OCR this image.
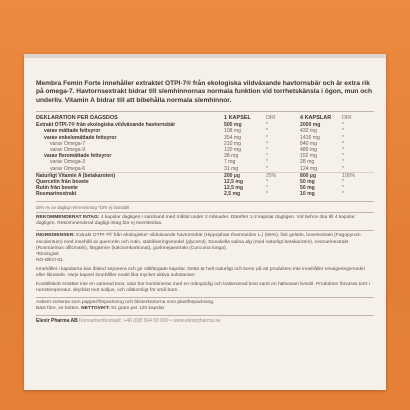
Membra Femin Forte innehåller extraktet OTPI-7® från ekologiska vildväxande havtornsbär och är extra rik på omega-7. Havtornsextrakt bidrar till slemhinnornas normala funktion vid torrhetskänsla i ögon, mun och underliv. Vitamin A bidrar till att bibehålla normala slemhinnor.

DEKLARATION PER DAGSDOS	1 KAPSEL	DRI	4 KAPSLAR	DRI
Extrakt OTPI-7® från ekologiska vildväxande havtornsbär	500 mg	*	2000 mg	*
varav mättade fettsyror	108 mg	*	432 mg	*
varav enkelomättade fettsyror	354 mg	*	1416 mg	*
varav Omega-7	210 mg	*	840 mg	*
varav Omega-9	120 mg	*	480 mg	*
varav fleromättade fettsyror	38 mg	*	152 mg	*
varav Omega-3	7 mg	*	28 mg	*
varav Omega-6	31 mg	*	124 mg	*
Naturligt Vitamin A (betakaroten)	200 µg	25%	800 µg	100%
Quercetin från bovete	12,5 mg	*	50 mg	*
Rutin från bovete	12,5 mg	*	50 mg	*
Rosmarinextrakt	2,5 mg	*	10 mg	*

DRI=% av dagligt referensintag *DRI ej fastställt

REKOMMENDERAT INTAG: 4 kapslar dagligen i samband med måltid under 2 månader. Därefter 1-2 kapslar dagligen. Vid behov ökа till 4 kapslar dagligen. Rekommenderat dagligt intag bör ej överskridas.

INGREDIENSER: Extrakt OTPI-7® från ekologiska* vildväxande havtornsbär (Hippophaë rhamnoides L.) (66%), fisk gelatin, bovetextrakt (Fagopyrum esculentum) med innehåll av quercetin och rutin, stabiliseringsmedel (glycerol), Dunaliella salina alg (med naturligt betakaroten), rosmarinextrakt (Rosmarinus officinalis), färgämne (kalciumkarbonat), gurkmejaextrakt (Curcuma longa).
*Ekologisk
NO-ØKO-01

Innehållet i kapslarna kan ibland separera och ge olikfärgade kapslar. Detta är helt naturligt och beror på att produkten inte innehåller emulgeringsmedel eller liknande. Varje kapsel innehåller exakt lika mycket aktiva substanser.

Kosttillskott ersätter inte en varierad kost, utan bör kombineras med en mångsidig och balanserad kost samt en hälsosam livsstil. Produkten förvaras torrt i rumstemperatur, skyddat mot solljus, och oåtkomligt för små barn.

Askem sorteras som papper/förpackning och blisterkartorna som plastförpackning.
Bäst före, se botten. NETTOVIKT: 91 gram per 120 kapslar

Elexir Pharma AB Konsumentkontakt: +46 (0)8 564 50 000 • www.elexirpharma.se
